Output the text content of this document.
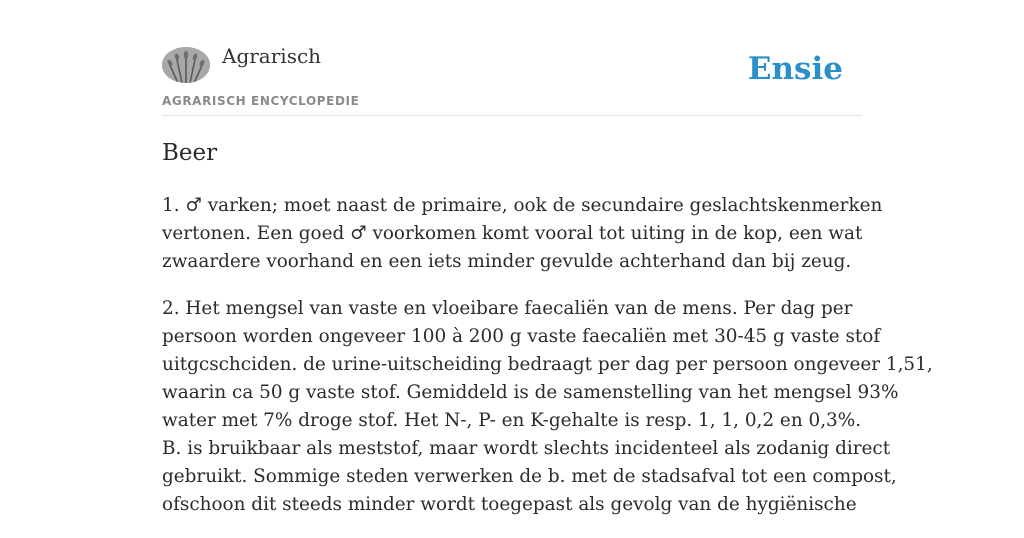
Agrarisch
AGRARISCH ENCYCLOPEDIE
Ensie
Beer

1. ♂ varken; moet naast de primaire, ook de secundaire geslachtskenmerken
vertonen. Een goed ♂ voorkomen komt vooral tot uiting in de kop, een wat
zwaardere voorhand en een iets minder gevulde achterhand dan bij zeug.

2. Het mengsel van vaste en vloeibare faecaliën van de mens. Per dag per
persoon worden ongeveer 100 à 200 g vaste faecaliën met 30-45 g vaste stof
uitgcschciden. de urine-uitscheiding bedraagt per dag per persoon ongeveer 1,51,
waarin ca 50 g vaste stof. Gemiddeld is de samenstelling van het mengsel 93%
water met 7% droge stof. Het N-, P- en K-gehalte is resp. 1, 1, 0,2 en 0,3%.
B. is bruikbaar als meststof, maar wordt slechts incidenteel als zodanig direct
gebruikt. Sommige steden verwerken de b. met de stadsafval tot een compost,
ofschoon dit steeds minder wordt toegepast als gevolg van de hygiënische
